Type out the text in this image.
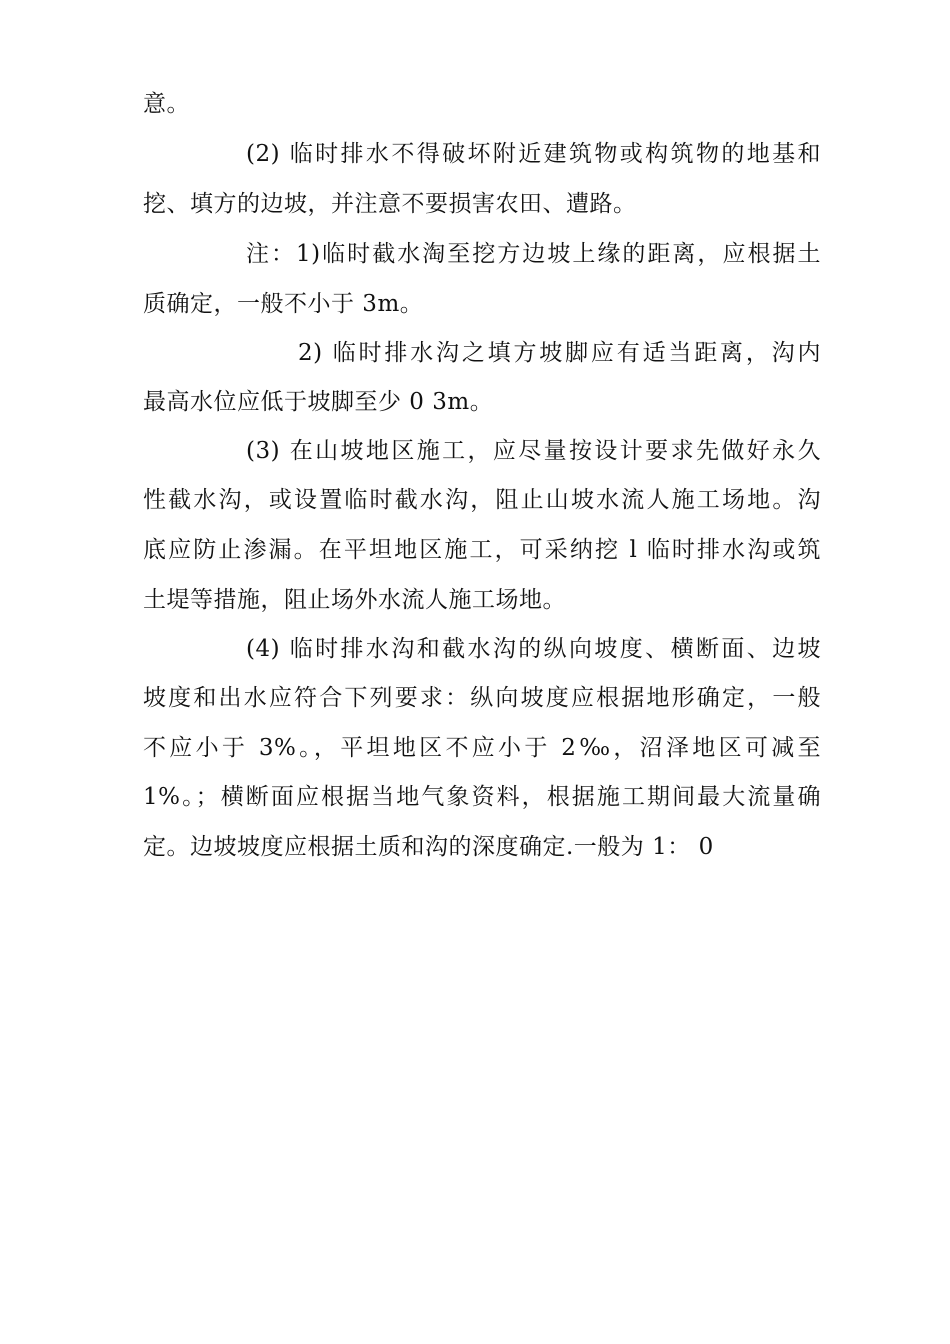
意。
(2) 临时排水不得破坏附近建筑物或构筑物的地基和
挖、填方的边坡，并注意不要损害农田、遭路。
注：1)临时截水淘至挖方边坡上缘的距离，应根据土
质确定，一般不小于 3m。
2) 临时排水沟之填方坡脚应有适当距离，沟内
最高水位应低于坡脚至少 0 3m。
(3) 在山坡地区施工，应尽量按设计要求先做好永久
性截水沟，或设置临时截水沟，阻止山坡水流人施工场地。沟
底应防止渗漏。在平坦地区施工，可采纳挖 l 临时排水沟或筑
土堤等措施，阻止场外水流人施工场地。
(4) 临时排水沟和截水沟的纵向坡度、横断面、边坡
坡度和出水应符合下列要求：纵向坡度应根据地形确定，一般
不应小于 3%。，平坦地区不应小于 2‰，沼泽地区可减至
1%。；横断面应根据当地气象资料，根据施工期间最大流量确
定。边坡坡度应根据土质和沟的深度确定.一般为 1： 0
